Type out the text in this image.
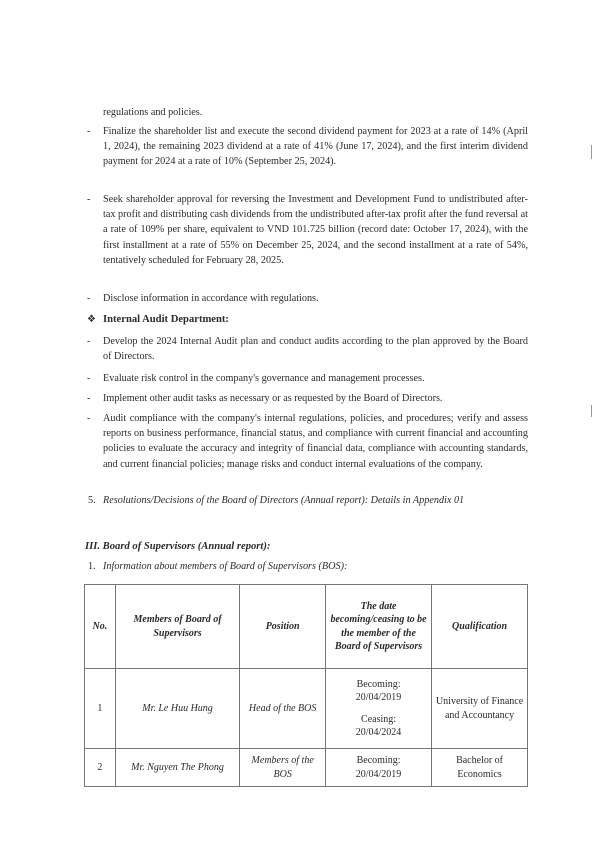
regulations and policies.

- Finalize the shareholder list and execute the second dividend payment for 2023 at a rate of 14% (April 1, 2024), the remaining 2023 dividend at a rate of 41% (June 17, 2024), and the first interim dividend payment for 2024 at a rate of 10% (September 25, 2024).

- Seek shareholder approval for reversing the Investment and Development Fund to undistributed after-tax profit and distributing cash dividends from the undistributed after-tax profit after the fund reversal at a rate of 109% per share, equivalent to VND 101.725 billion (record date: October 17, 2024), with the first installment at a rate of 55% on December 25, 2024, and the second installment at a rate of 54%, tentatively scheduled for February 28, 2025.

- Disclose information in accordance with regulations.

❖ Internal Audit Department:
- Develop the 2024 Internal Audit plan and conduct audits according to the plan approved by the Board of Directors.

- Evaluate risk control in the company's governance and management processes.

- Implement other audit tasks as necessary or as requested by the Board of Directors.

- Audit compliance with the company's internal regulations, policies, and procedures; verify and assess reports on business performance, financial status, and compliance with current financial and accounting policies to evaluate the accuracy and integrity of financial data, compliance with accounting standards, and current financial policies; manage risks and conduct internal evaluations of the company.

5. Resolutions/Decisions of the Board of Directors (Annual report): Details in Appendix 01

III. Board of Supervisors (Annual report):
1. Information about members of Board of Supervisors (BOS):
No.	Members of Board of Supervisors	Position	The date becoming/ceasing to be the member of the Board of Supervisors	Qualification
1	Mr. Le Huu Hung	Head of the BOS	Becoming:
20/04/2019
Ceasing:
20/04/2024	University of Finance and Accountancy
2	Mr. Nguyen The Phong	Members of the BOS	Becoming:
20/04/2019	Bachelor of Economics
